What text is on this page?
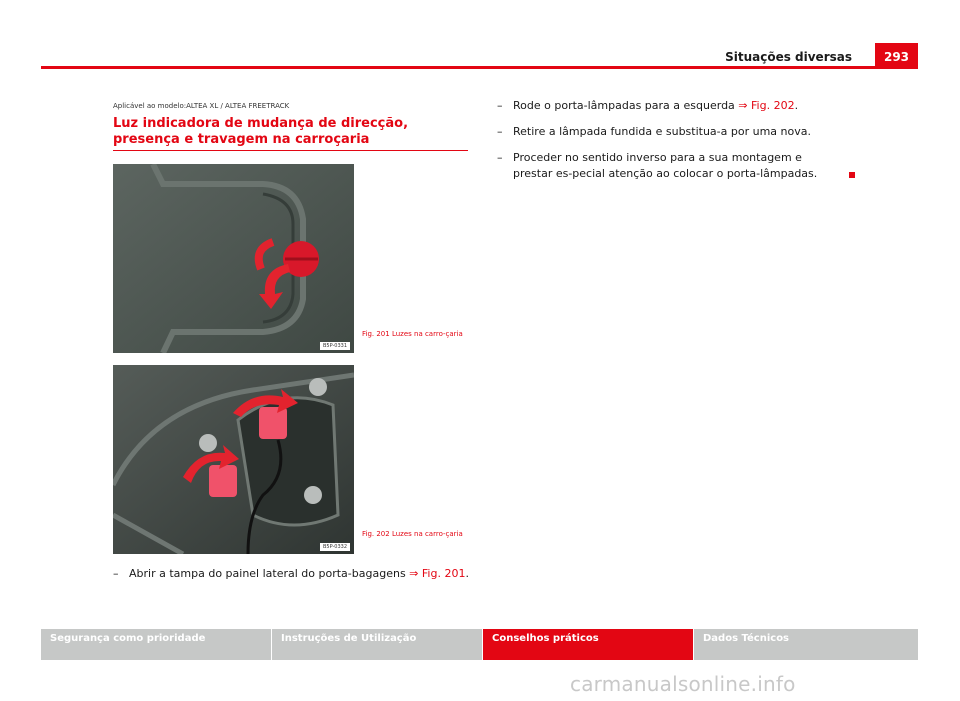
Situações diversas	293
Aplicável ao modelo:ALTEA XL / ALTEA FREETRACK
Luz indicadora de mudança de direcção, presença e travagem na carroçaria
B5P-0331
Fig. 201 Luzes na carro-çaria
B5P-0332
Fig. 202 Luzes na carro-çaria
– Abrir a tampa do painel lateral do porta-bagagens ⇒ Fig. 201.
– Rode o porta-lâmpadas para a esquerda ⇒ Fig. 202.
– Retire a lâmpada fundida e substitua-a por uma nova.
– Proceder no sentido inverso para a sua montagem e prestar es-pecial atenção ao colocar o porta-lâmpadas.
Segurança como prioridade	Instruções de Utilização	Conselhos práticos	Dados Técnicos
carmanualsonline.info
